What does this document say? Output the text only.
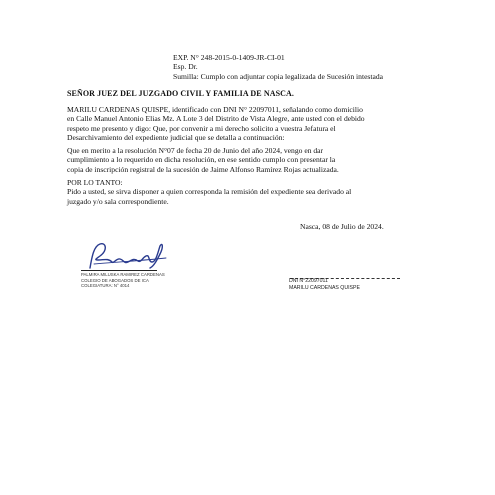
EXP. N° 248-2015-0-1409-JR-CI-01
Esp. Dr.
Sumilla: Cumplo con adjuntar copia legalizada de Sucesión intestada
SEÑOR JUEZ DEL JUZGADO CIVIL Y FAMILIA DE NASCA.
MARILU CARDENAS QUISPE, identificado con DNI N° 22097011, señalando como domicilio
en Calle Manuel Antonio Elias Mz. A Lote 3 del Distrito de Vista Alegre, ante usted con el debido
respeto me presento y digo: Que, por convenir a mi derecho solicito a vuestra Jefatura el
Desarchivamiento del expediente judicial que se detalla a continuación:
Que en merito a la resolución N°07 de fecha 20 de Junio del año 2024, vengo en dar
cumplimiento a lo requerido en dicha resolución, en ese sentido cumplo con presentar la
copia de inscripción registral de la sucesión de Jaime Alfonso Ramírez Rojas actualizada.
POR LO TANTO:
Pido a usted, se sirva disponer a quien corresponda la remisión del expediente sea derivado al
juzgado y/o sala correspondiente.
Nasca, 08 de Julio de 2024.
PALMIRA MILUSKA RAMIREZ CARDENAS
COLEGIO DE ABOGADOS DE ICA
COLEGIATURA: N° 4014
DNI N°22097011
MARILU CARDENAS QUISPE
